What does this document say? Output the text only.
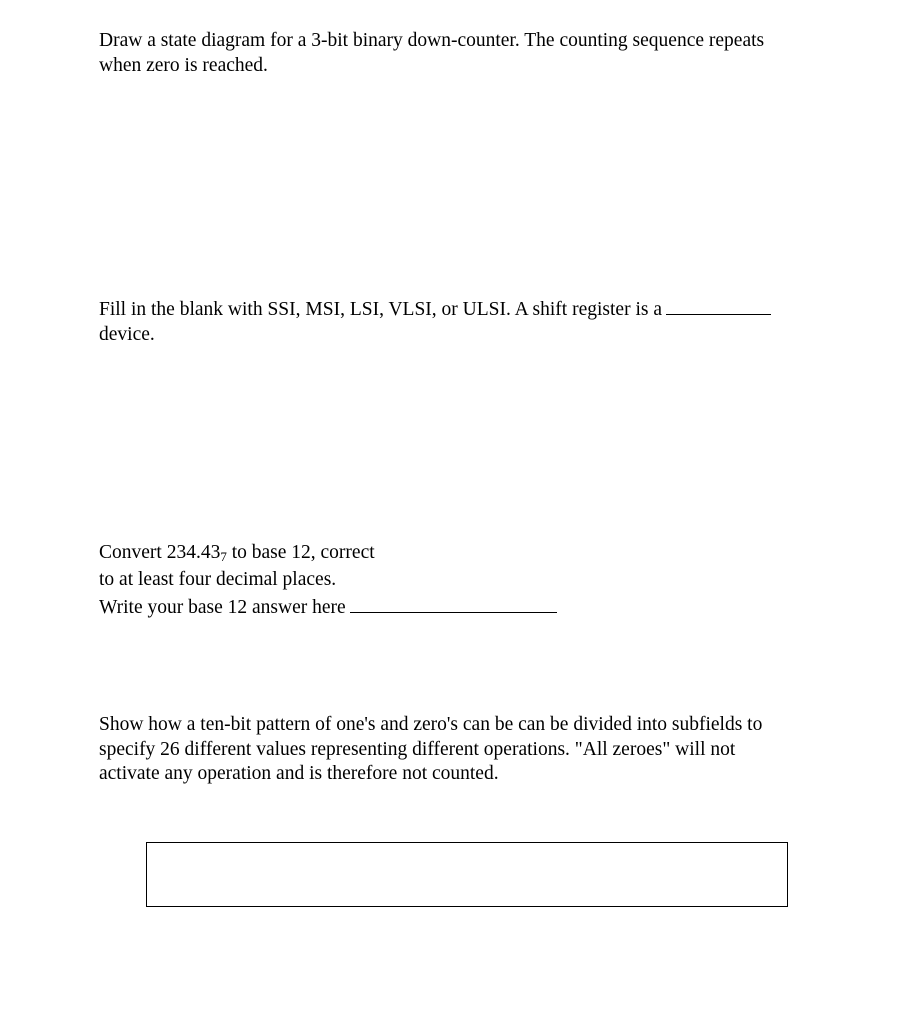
Draw a state diagram for a 3-bit binary down-counter. The counting sequence repeats
when zero is reached.
Fill in the blank with SSI, MSI, LSI, VLSI, or ULSI. A shift register is a
device.
Convert $234.43_7$ to base 12, correct
to at least four decimal places.
Write your base 12 answer here
Show how a ten-bit pattern of one's and zero's can be can be divided into subfields to
specify 26 different values representing different operations. "All zeroes" will not
activate any operation and is therefore not counted.
